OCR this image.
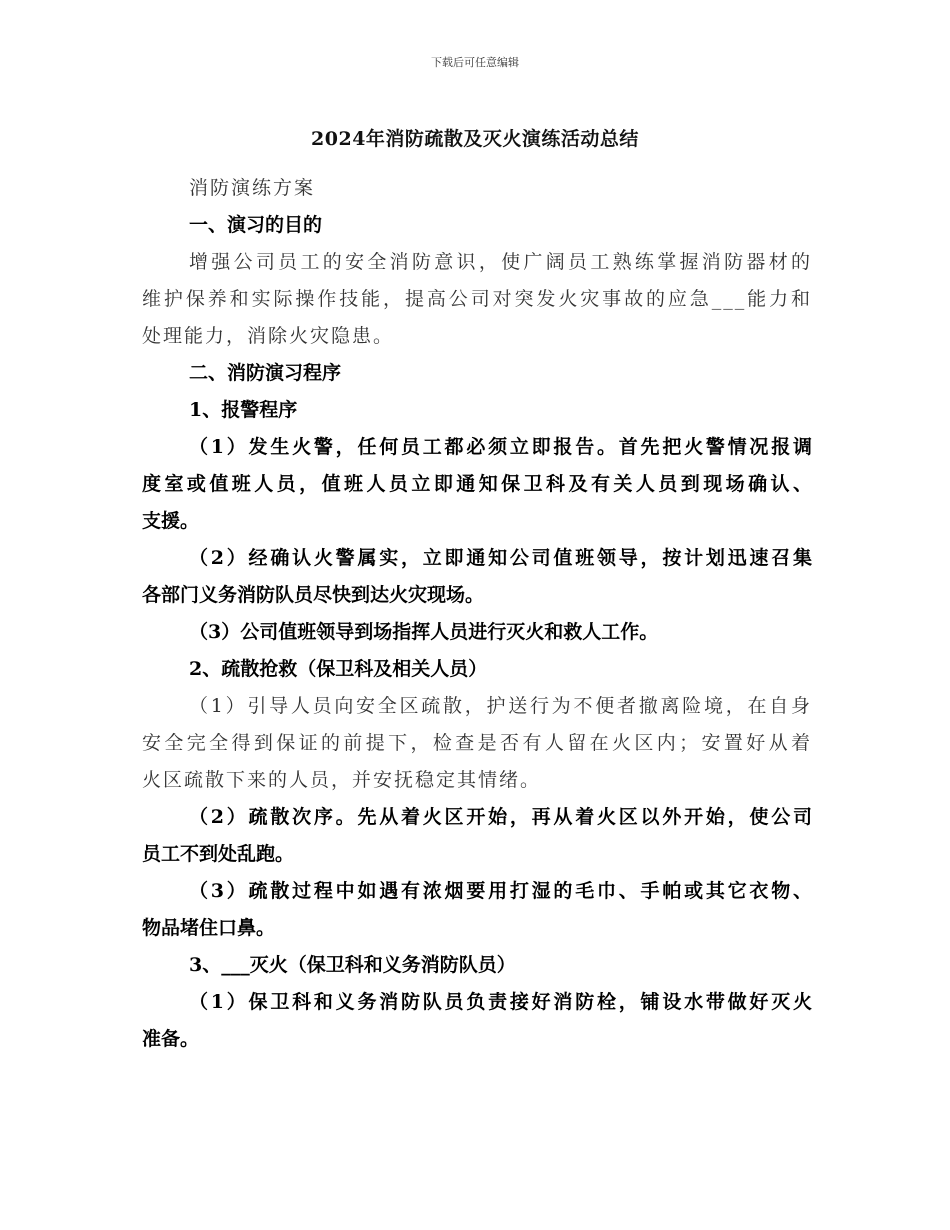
下载后可任意编辑
2024年消防疏散及灭火演练活动总结
消防演练方案
一、演习的目的
增强公司员工的安全消防意识，使广阔员工熟练掌握消防器材的
维护保养和实际操作技能，提高公司对突发火灾事故的应急___能力和
处理能力，消除火灾隐患。
二、消防演习程序
1、报警程序
（1）发生火警，任何员工都必须立即报告。首先把火警情况报调
度室或值班人员，值班人员立即通知保卫科及有关人员到现场确认、
支援。
（2）经确认火警属实，立即通知公司值班领导，按计划迅速召集
各部门义务消防队员尽快到达火灾现场。
（3）公司值班领导到场指挥人员进行灭火和救人工作。
2、疏散抢救（保卫科及相关人员）
（1）引导人员向安全区疏散，护送行为不便者撤离险境，在自身
安全完全得到保证的前提下，检查是否有人留在火区内；安置好从着
火区疏散下来的人员，并安抚稳定其情绪。
（2）疏散次序。先从着火区开始，再从着火区以外开始，使公司
员工不到处乱跑。
（3）疏散过程中如遇有浓烟要用打湿的毛巾、手帕或其它衣物、
物品堵住口鼻。
3、___灭火（保卫科和义务消防队员）
（1）保卫科和义务消防队员负责接好消防栓，铺设水带做好灭火
准备。
